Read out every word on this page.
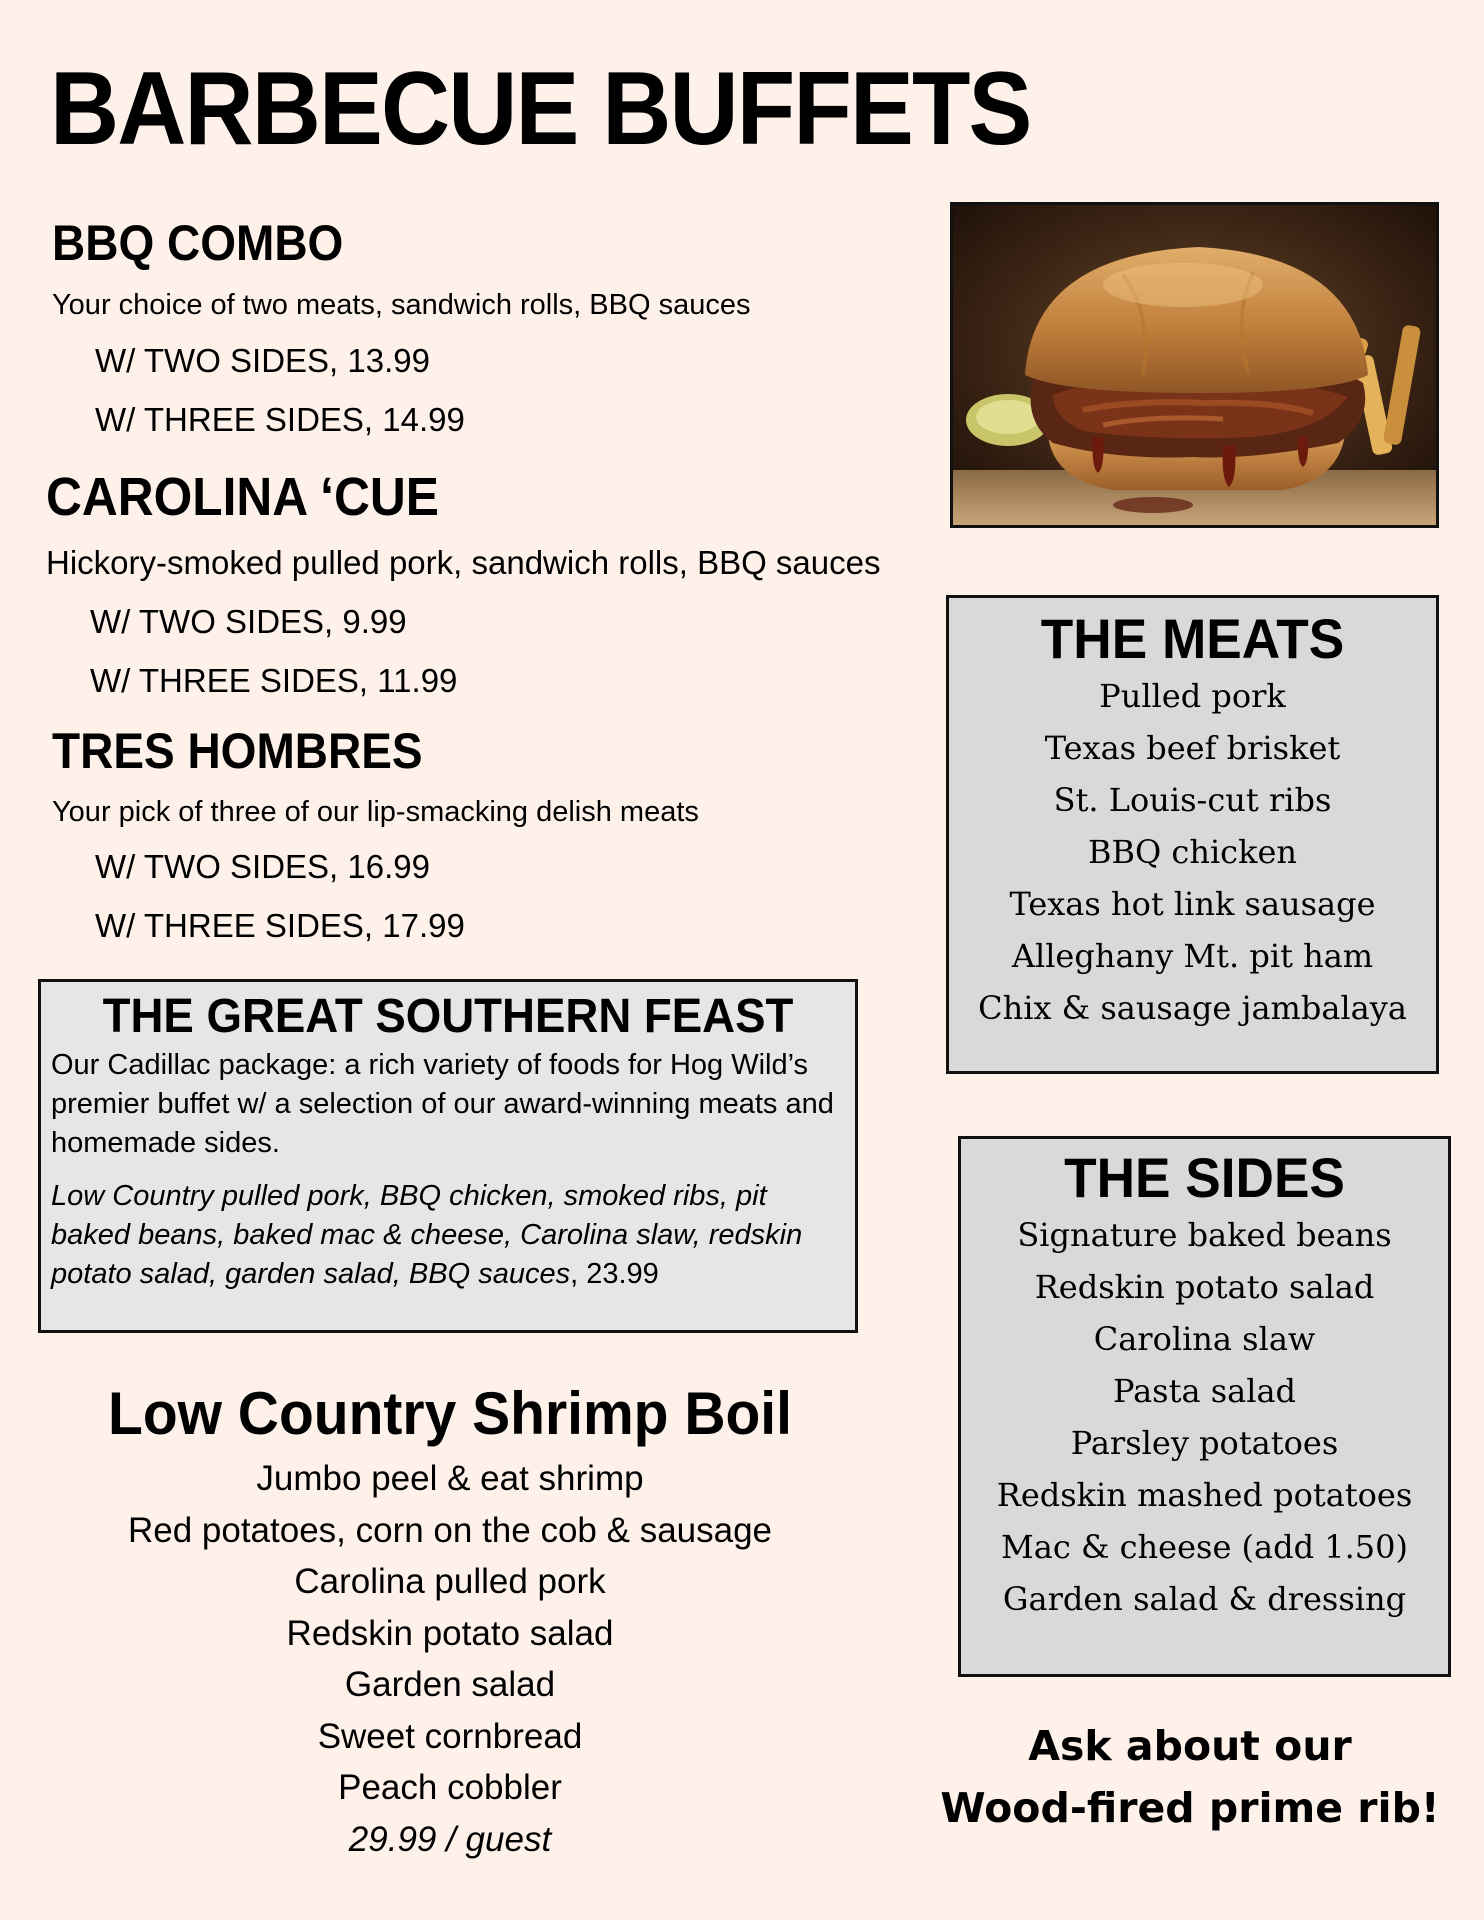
BARBECUE BUFFETS
BBQ COMBO
Your choice of two meats, sandwich rolls, BBQ sauces
W/ TWO SIDES, 13.99
W/ THREE SIDES, 14.99
CAROLINA ‘CUE
Hickory-smoked pulled pork, sandwich rolls, BBQ sauces
W/ TWO SIDES, 9.99
W/ THREE SIDES, 11.99
TRES HOMBRES
Your pick of three of our lip-smacking delish meats
W/ TWO SIDES, 16.99
W/ THREE SIDES, 17.99
THE MEATS
Pulled pork
Texas beef brisket
St. Louis-cut ribs
BBQ chicken
Texas hot link sausage
Alleghany Mt. pit ham
Chix & sausage jambalaya
THE SIDES
Signature baked beans
Redskin potato salad
Carolina slaw
Pasta salad
Parsley potatoes
Redskin mashed potatoes
Mac & cheese (add 1.50)
Garden salad & dressing
THE GREAT SOUTHERN FEAST

Our Cadillac package: a rich variety of foods for Hog Wild’s premier buffet w/ a selection of our award-winning meats and homemade sides.

Low Country pulled pork, BBQ chicken, smoked ribs, pit baked beans, baked mac & cheese, Carolina slaw, redskin potato salad, garden salad, BBQ sauces, 23.99

Low Country Shrimp Boil
Jumbo peel & eat shrimp
Red potatoes, corn on the cob & sausage
Carolina pulled pork
Redskin potato salad
Garden salad
Sweet cornbread
Peach cobbler
29.99 / guest
Ask about our
Wood-fired prime rib!
